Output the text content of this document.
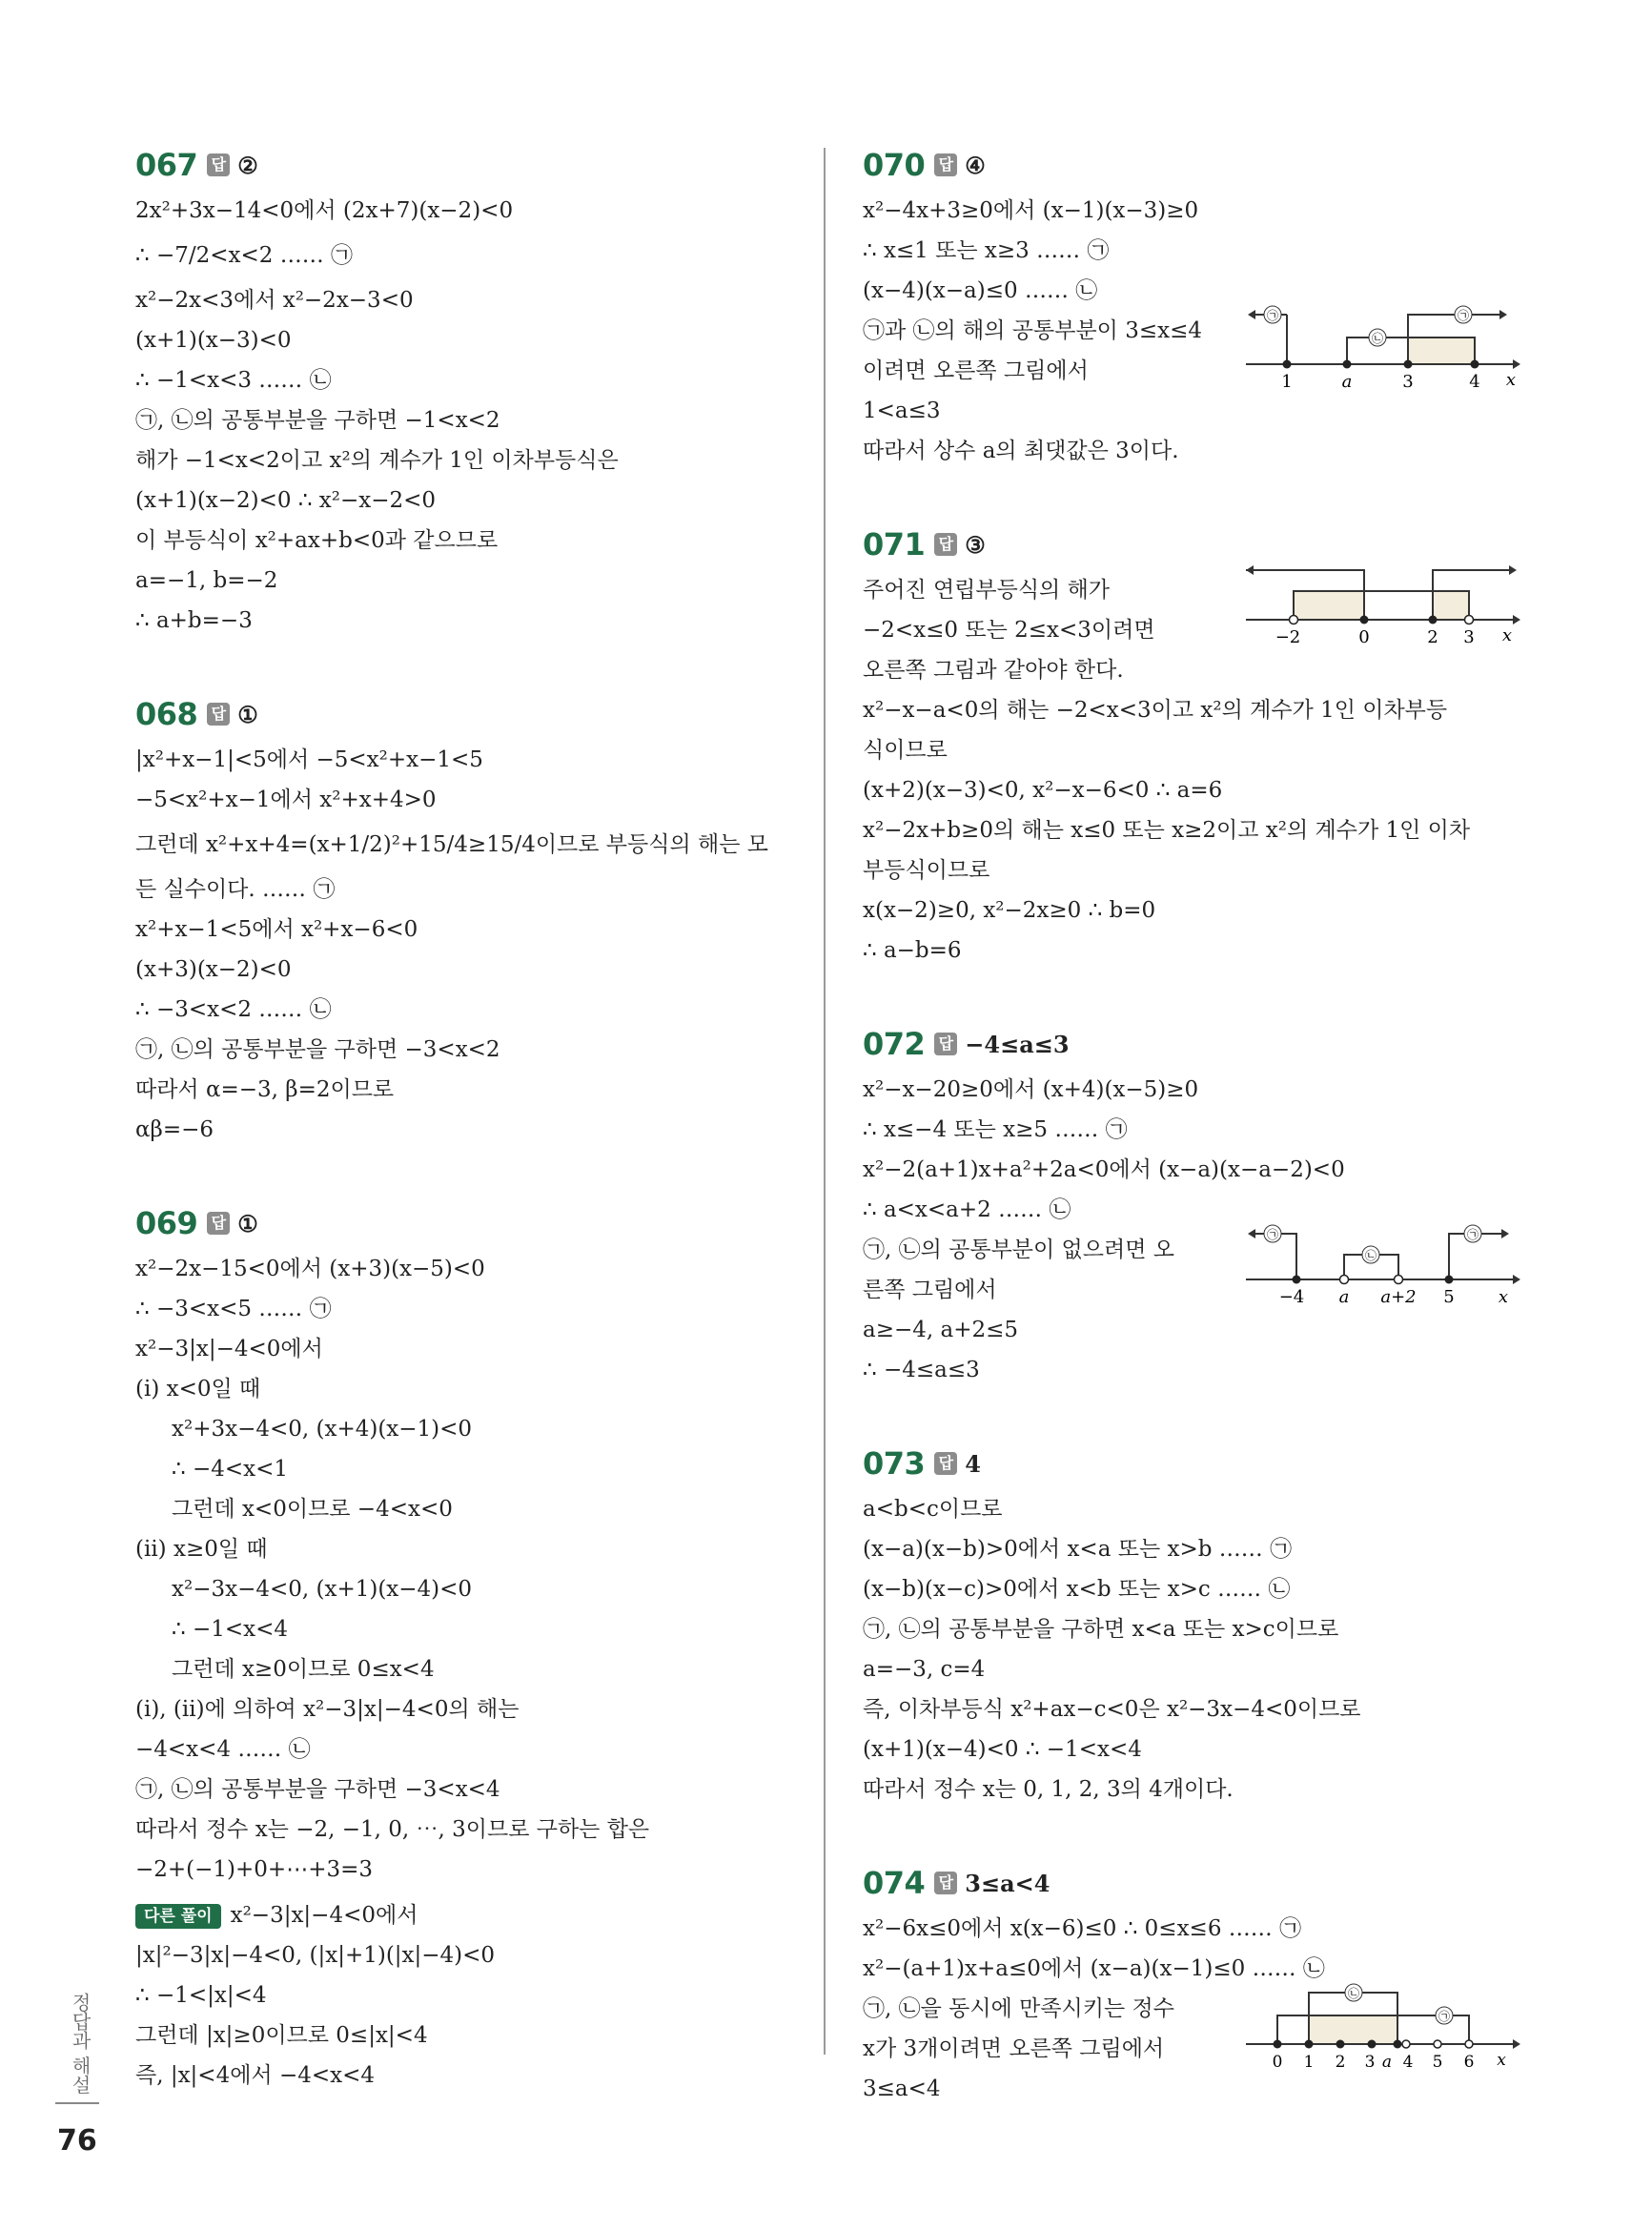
067 답 ②
2x²+3x−14<0에서 (2x+7)(x−2)<0
∴ −7/2<x<2 …… ㉠
x²−2x<3에서 x²−2x−3<0
(x+1)(x−3)<0
∴ −1<x<3 …… ㉡
㉠, ㉡의 공통부분을 구하면 −1<x<2
해가 −1<x<2이고 x²의 계수가 1인 이차부등식은
(x+1)(x−2)<0 ∴ x²−x−2<0
이 부등식이 x²+ax+b<0과 같으므로
a=−1, b=−2
∴ a+b=−3
068 답 ①
|x²+x−1|<5에서 −5<x²+x−1<5
−5<x²+x−1에서 x²+x+4>0
그런데 x²+x+4=(x+1/2)²+15/4≥15/4이므로 부등식의 해는 모
든 실수이다. …… ㉠
x²+x−1<5에서 x²+x−6<0
(x+3)(x−2)<0
∴ −3<x<2 …… ㉡
㉠, ㉡의 공통부분을 구하면 −3<x<2
따라서 α=−3, β=2이므로
αβ=−6
069 답 ①
x²−2x−15<0에서 (x+3)(x−5)<0
∴ −3<x<5 …… ㉠
x²−3|x|−4<0에서
(ⅰ) x<0일 때
x²+3x−4<0, (x+4)(x−1)<0
∴ −4<x<1
그런데 x<0이므로 −4<x<0
(ⅱ) x≥0일 때
x²−3x−4<0, (x+1)(x−4)<0
∴ −1<x<4
그런데 x≥0이므로 0≤x<4
(ⅰ), (ⅱ)에 의하여 x²−3|x|−4<0의 해는
−4<x<4 …… ㉡
㉠, ㉡의 공통부분을 구하면 −3<x<4
따라서 정수 x는 −2, −1, 0, ⋯, 3이므로 구하는 합은
−2+(−1)+0+⋯+3=3
다른 풀이 x²−3|x|−4<0에서
|x|²−3|x|−4<0, (|x|+1)(|x|−4)<0
∴ −1<|x|<4
그런데 |x|≥0이므로 0≤|x|<4
즉, |x|<4에서 −4<x<4
070 답 ④
x²−4x+3≥0에서 (x−1)(x−3)≥0
∴ x≤1 또는 x≥3 …… ㉠
(x−4)(x−a)≤0 …… ㉡
㉠과 ㉡의 해의 공통부분이 3≤x≤4
이려면 오른쪽 그림에서
1<a≤3
따라서 상수 a의 최댓값은 3이다.
㉠
㉡
㉠
1	a	3	4 x
071 답 ③
주어진 연립부등식의 해가
−2<x≤0 또는 2≤x<3이려면
오른쪽 그림과 같아야 한다.
x²−x−a<0의 해는 −2<x<3이고 x²의 계수가 1인 이차부등
식이므로
(x+2)(x−3)<0, x²−x−6<0 ∴ a=6
x²−2x+b≥0의 해는 x≤0 또는 x≥2이고 x²의 계수가 1인 이차
부등식이므로
x(x−2)≥0, x²−2x≥0 ∴ b=0
∴ a−b=6
−2	0	2 3 x
072 답 −4≤a≤3
x²−x−20≥0에서 (x+4)(x−5)≥0
∴ x≤−4 또는 x≥5 …… ㉠
x²−2(a+1)x+a²+2a<0에서 (x−a)(x−a−2)<0
∴ a<x<a+2 …… ㉡
㉠, ㉡의 공통부분이 없으려면 오
른쪽 그림에서
a≥−4, a+2≤5
∴ −4≤a≤3
㉠
㉡
㉠
−4 a a+2 5	x
073 답 4
a<b<c이므로
(x−a)(x−b)>0에서 x<a 또는 x>b …… ㉠
(x−b)(x−c)>0에서 x<b 또는 x>c …… ㉡
㉠, ㉡의 공통부분을 구하면 x<a 또는 x>c이므로
a=−3, c=4
즉, 이차부등식 x²+ax−c<0은 x²−3x−4<0이므로
(x+1)(x−4)<0 ∴ −1<x<4
따라서 정수 x는 0, 1, 2, 3의 4개이다.
074 답 3≤a<4
x²−6x≤0에서 x(x−6)≤0 ∴ 0≤x≤6 …… ㉠
x²−(a+1)x+a≤0에서 (x−a)(x−1)≤0 …… ㉡
㉠, ㉡을 동시에 만족시키는 정수
x가 3개이려면 오른쪽 그림에서
3≤a<4
㉡
㉠
0 1 2 3 a 4 5 6 x
정답과 해설
76
